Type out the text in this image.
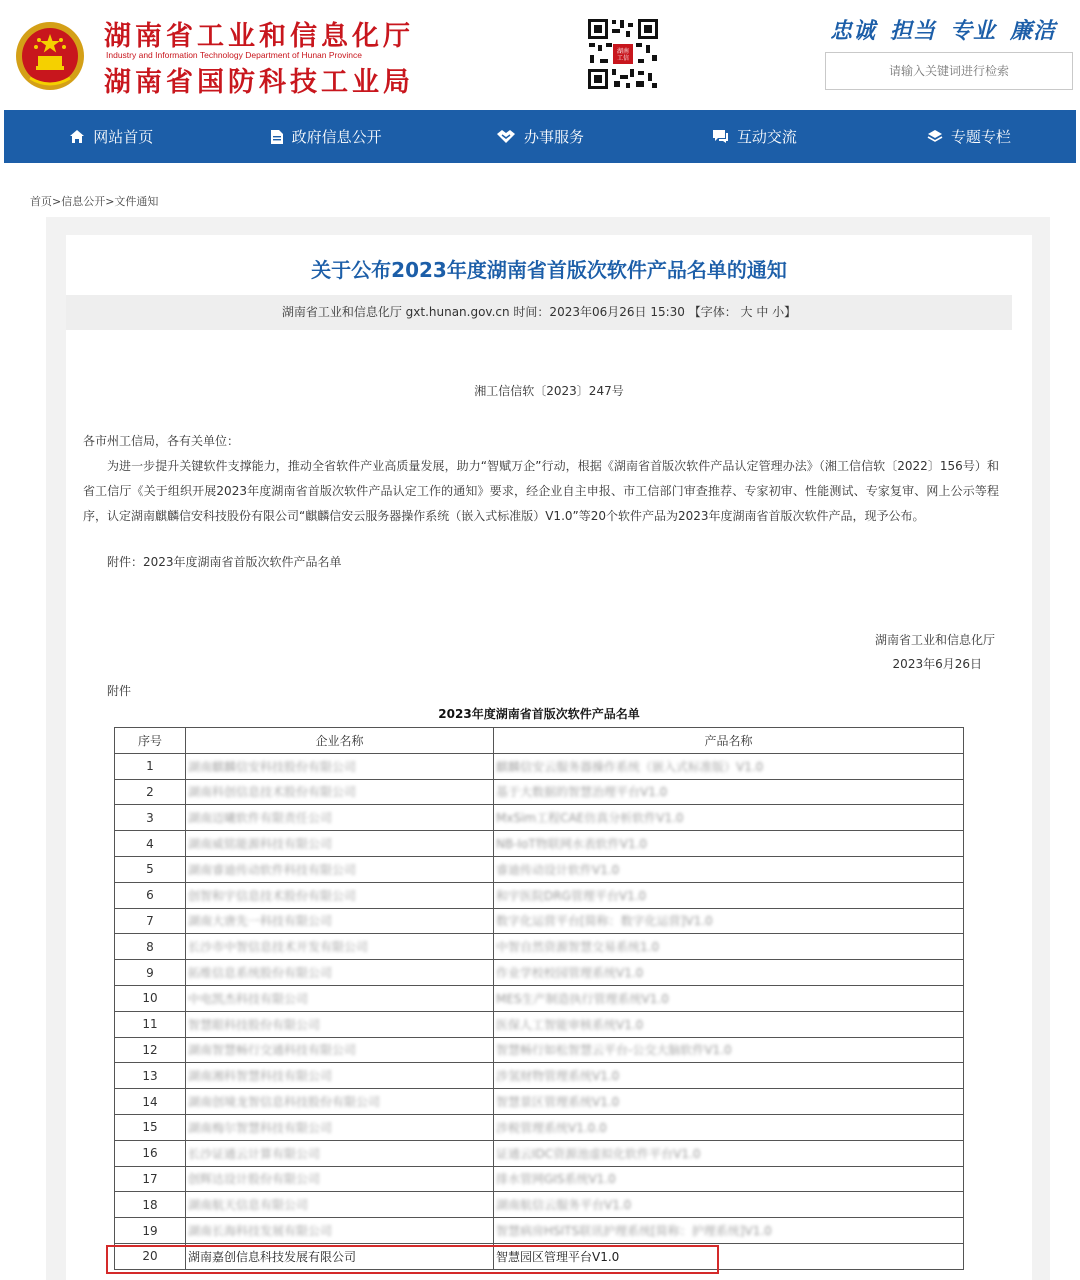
湖南省工业和信息化厅
Industry and Information Technology Department of Hunan Province
湖南省国防科技工业局
湖南
工信
忠诚 担当 专业 廉洁
请输入关键词进行检索
网站首页	政府信息公开	办事服务	互动交流	专题专栏
首页>信息公开>文件通知
关于公布2023年度湖南省首版次软件产品名单的通知
湖南省工业和信息化厅 gxt.hunan.gov.cn 时间：2023年06月26日 15:30 【字体： 大 中 小】
湘工信信软〔2023〕247号
各市州工信局，各有关单位：

为进一步提升关键软件支撑能力，推动全省软件产业高质量发展，助力“智赋万企”行动，根据《湖南省首版次软件产品认定管理办法》（湘工信信软〔2022〕156号）和省工信厅《关于组织开展2023年度湖南省首版次软件产品认定工作的通知》要求，经企业自主申报、市工信部门审查推荐、专家初审、性能测试、专家复审、网上公示等程序，认定湖南麒麟信安科技股份有限公司“麒麟信安云服务器操作系统（嵌入式标准版）V1.0”等20个软件产品为2023年度湖南省首版次软件产品，现予公布。

附件：2023年度湖南省首版次软件产品名单
湖南省工业和信息化厅
2023年6月26日
附件
2023年度湖南省首版次软件产品名单
序号	企业名称	产品名称
1	湖南麒麟信安科技股份有限公司	麒麟信安云服务器操作系统（嵌入式标准版）V1.0
2	湖南科创信息技术股份有限公司	基于大数据的智慧治理平台V1.0
3	湖南迈曦软件有限责任公司	MxSim工程CAE仿真分析软件V1.0
4	湖南威铭能源科技有限公司	NB-IoT物联网水表软件V1.0
5	湖南睿迪传动软件科技有限公司	睿迪传动设计软件V1.0
6	创智和宇信息技术股份有限公司	和宇医院DRG管理平台V1.0
7	湖南大唐先一科技有限公司	数字化运营平台[简称：数字化运营]V1.0
8	长沙市中智信息技术开发有限公司	中智自然资源智慧交易系统1.0
9	拓维信息系统股份有限公司	作业学校校园管理系统V1.0
10	中电凯杰科技有限公司	MES生产制造执行管理系统V1.0
11	智慧眼科技股份有限公司	医保人工智能审核系统V1.0
12	湖南智慧畅行交通科技有限公司	智慧畅行如松智慧云平台-公交大脑软件V1.0
13	湖南湘科智慧科技有限公司	涉氢财物管理系统V1.0
14	湖南创境龙智信息科技股份有限公司	智慧景区管理系统V1.0
15	湖南梅尔智慧科技有限公司	涉税管理系统V1.0.0
16	长沙证通云计算有限公司	证通云IDC资源池虚拟化软件平台V1.0
17	创辉达设计股份有限公司	排水管网GIS系统V1.0
18	湖南航天信息有限公司	湖南航信云服务平台V1.0
19	湖南长海科技发展有限公司	智慧病房HSITS联讯护理系统[简称：护理系统]V1.0
20	湖南嘉创信息科技发展有限公司	智慧园区管理平台V1.0
